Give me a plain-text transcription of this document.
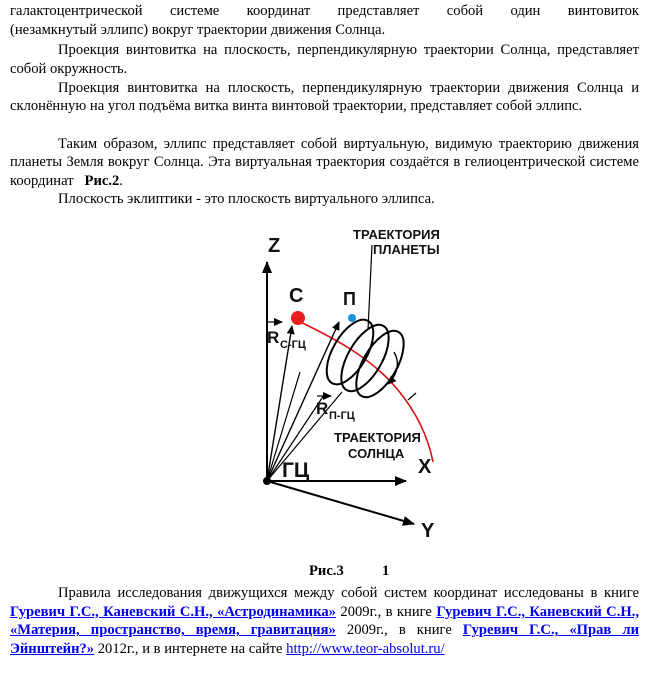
галактоцентрической системе координат представляет собой один винтовиток

(незамкнутый эллипс) вокруг траектории движения Солнца.

Проекция винтовитка на плоскость, перпендикулярную траектории Солнца, представляет собой окружность.

Проекция винтовитка на плоскость, перпендикулярную траектории движения Солнца и склонённую на угол подъёма витка винта винтовой траектории, представляет собой эллипс.

Таким образом, эллипс представляет собой виртуальную, видимую траекторию движения планеты Земля вокруг Солнца. Эта виртуальная траектория создаётся в гелиоцентрической системе координат Рис.2.

Плоскость эклиптики - это плоскость виртуального эллипса.

Z
X
Y
ГЦ
С П
R С-ГЦ
R П-ГЦ
ТРАЕКТОРИЯ
ПЛАНЕТЫ
ТРАЕКТОРИЯ
СОЛНЦА
Рис.3	1

Правила исследования движущихся между собой систем координат исследованы в книге Гуревич Г.С., Каневский С.Н., «Астродинамика» 2009г., в книге Гуревич Г.С., Каневский С.Н., «Материя, пространство, время, гравитация» 2009г., в книге Гуревич Г.С., «Прав ли Эйнштейн?» 2012г., и в интернете на сайте http://www.teor-absolut.ru/
